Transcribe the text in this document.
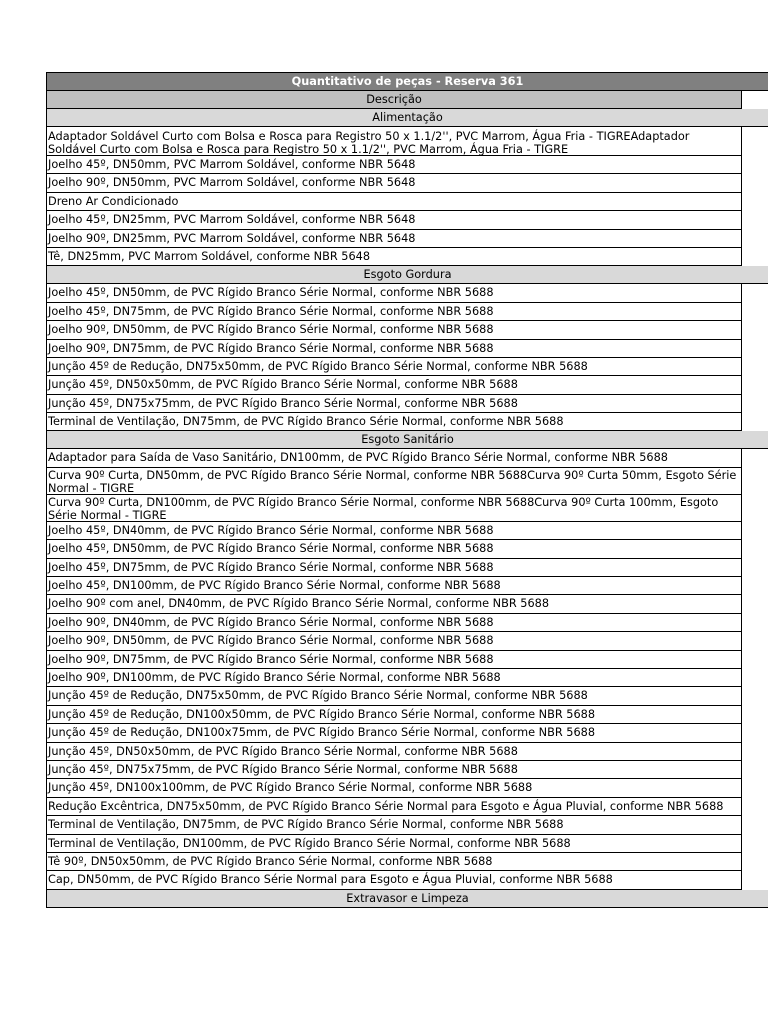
Quantitativo de peças - Reserva 361
Descrição
Alimentação
Adaptador Soldável Curto com Bolsa e Rosca para Registro 50 x 1.1/2'', PVC Marrom, Água Fria - TIGREAdaptador Soldável Curto com Bolsa e Rosca para Registro 50 x 1.1/2'', PVC Marrom, Água Fria - TIGRE
Joelho 45º, DN50mm, PVC Marrom Soldável, conforme NBR 5648
Joelho 90º, DN50mm, PVC Marrom Soldável, conforme NBR 5648
Dreno Ar Condicionado
Joelho 45º, DN25mm, PVC Marrom Soldável, conforme NBR 5648
Joelho 90º, DN25mm, PVC Marrom Soldável, conforme NBR 5648
Tê, DN25mm, PVC Marrom Soldável, conforme NBR 5648
Esgoto Gordura
Joelho 45º, DN50mm, de PVC Rígido Branco Série Normal, conforme NBR 5688
Joelho 45º, DN75mm, de PVC Rígido Branco Série Normal, conforme NBR 5688
Joelho 90º, DN50mm, de PVC Rígido Branco Série Normal, conforme NBR 5688
Joelho 90º, DN75mm, de PVC Rígido Branco Série Normal, conforme NBR 5688
Junção 45º de Redução, DN75x50mm, de PVC Rígido Branco Série Normal, conforme NBR 5688
Junção 45º, DN50x50mm, de PVC Rígido Branco Série Normal, conforme NBR 5688
Junção 45º, DN75x75mm, de PVC Rígido Branco Série Normal, conforme NBR 5688
Terminal de Ventilação, DN75mm, de PVC Rígido Branco Série Normal, conforme NBR 5688
Esgoto Sanitário
Adaptador para Saída de Vaso Sanitário, DN100mm, de PVC Rígido Branco Série Normal, conforme NBR 5688
Curva 90º Curta, DN50mm, de PVC Rígido Branco Série Normal, conforme NBR 5688Curva 90º Curta 50mm, Esgoto Série Normal - TIGRE
Curva 90º Curta, DN100mm, de PVC Rígido Branco Série Normal, conforme NBR 5688Curva 90º Curta 100mm, Esgoto Série Normal - TIGRE
Joelho 45º, DN40mm, de PVC Rígido Branco Série Normal, conforme NBR 5688
Joelho 45º, DN50mm, de PVC Rígido Branco Série Normal, conforme NBR 5688
Joelho 45º, DN75mm, de PVC Rígido Branco Série Normal, conforme NBR 5688
Joelho 45º, DN100mm, de PVC Rígido Branco Série Normal, conforme NBR 5688
Joelho 90º com anel, DN40mm, de PVC Rígido Branco Série Normal, conforme NBR 5688
Joelho 90º, DN40mm, de PVC Rígido Branco Série Normal, conforme NBR 5688
Joelho 90º, DN50mm, de PVC Rígido Branco Série Normal, conforme NBR 5688
Joelho 90º, DN75mm, de PVC Rígido Branco Série Normal, conforme NBR 5688
Joelho 90º, DN100mm, de PVC Rígido Branco Série Normal, conforme NBR 5688
Junção 45º de Redução, DN75x50mm, de PVC Rígido Branco Série Normal, conforme NBR 5688
Junção 45º de Redução, DN100x50mm, de PVC Rígido Branco Série Normal, conforme NBR 5688
Junção 45º de Redução, DN100x75mm, de PVC Rígido Branco Série Normal, conforme NBR 5688
Junção 45º, DN50x50mm, de PVC Rígido Branco Série Normal, conforme NBR 5688
Junção 45º, DN75x75mm, de PVC Rígido Branco Série Normal, conforme NBR 5688
Junção 45º, DN100x100mm, de PVC Rígido Branco Série Normal, conforme NBR 5688
Redução Excêntrica, DN75x50mm, de PVC Rígido Branco Série Normal para Esgoto e Água Pluvial, conforme NBR 5688
Terminal de Ventilação, DN75mm, de PVC Rígido Branco Série Normal, conforme NBR 5688
Terminal de Ventilação, DN100mm, de PVC Rígido Branco Série Normal, conforme NBR 5688
Tê 90º, DN50x50mm, de PVC Rígido Branco Série Normal, conforme NBR 5688
Cap, DN50mm, de PVC Rígido Branco Série Normal para Esgoto e Água Pluvial, conforme NBR 5688
Extravasor e Limpeza
